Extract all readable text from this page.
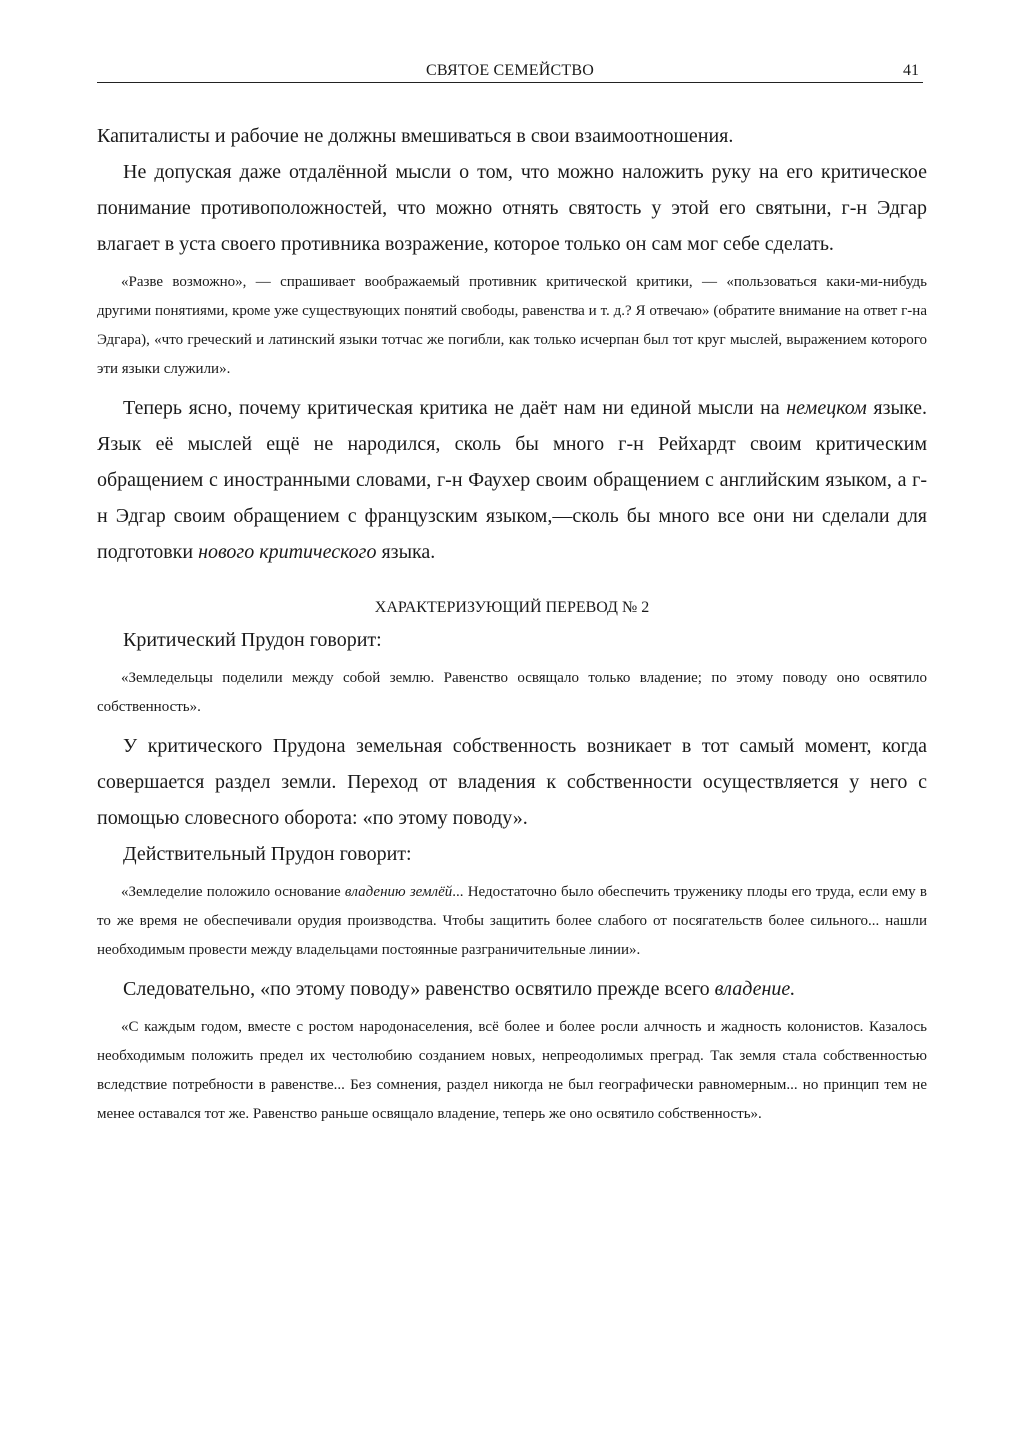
СВЯТОЕ СЕМЕЙСТВО	41

Капиталисты и рабочие не должны вмешиваться в свои взаимоотношения.

Не допуская даже отдалённой мысли о том, что можно наложить руку на его критическое понимание противоположностей, что можно отнять святость у этой его святыни, г-н Эдгар влагает в уста своего противника возражение, которое только он сам мог себе сделать.

«Разве возможно», — спрашивает воображаемый противник критической критики, — «пользоваться каки-ми-нибудь другими понятиями, кроме уже существующих понятий свободы, равенства и т. д.? Я отвечаю» (обратите внимание на ответ г-на Эдгара), «что греческий и латинский языки тотчас же погибли, как только исчерпан был тот круг мыслей, выражением которого эти языки служили».

Теперь ясно, почему критическая критика не даёт нам ни единой мысли на немецком языке. Язык её мыслей ещё не народился, сколь бы много г-н Рейхардт своим критическим обращением с иностранными словами, г-н Фаухер своим обращением с английским языком, а г-н Эдгар своим обращением с французским языком,—сколь бы много все они ни сделали для подготовки нового критического языка.

ХАРАКТЕРИЗУЮЩИЙ ПЕРЕВОД № 2

Критический Прудон говорит:

«Земледельцы поделили между собой землю. Равенство освящало только владение; по этому поводу оно освятило собственность».

У критического Прудона земельная собственность возникает в тот самый момент, когда совершается раздел земли. Переход от владения к собственности осуществляется у него с помощью словесного оборота: «по этому поводу».

Действительный Прудон говорит:

«Земледелие положило основание владению землёй... Недостаточно было обеспечить труженику плоды его труда, если ему в то же время не обеспечивали орудия производства. Чтобы защитить более слабого от посягательств более сильного... нашли необходимым провести между владельцами постоянные разграничительные линии».

Следовательно, «по этому поводу» равенство освятило прежде всего владение.

«С каждым годом, вместе с ростом народонаселения, всё более и более росли алчность и жадность колонистов. Казалось необходимым положить предел их честолюбию созданием новых, непреодолимых преград. Так земля стала собственностью вследствие потребности в равенстве... Без сомнения, раздел никогда не был географически равномерным... но принцип тем не менее оставался тот же. Равенство раньше освящало владение, теперь же оно освятило собственность».
